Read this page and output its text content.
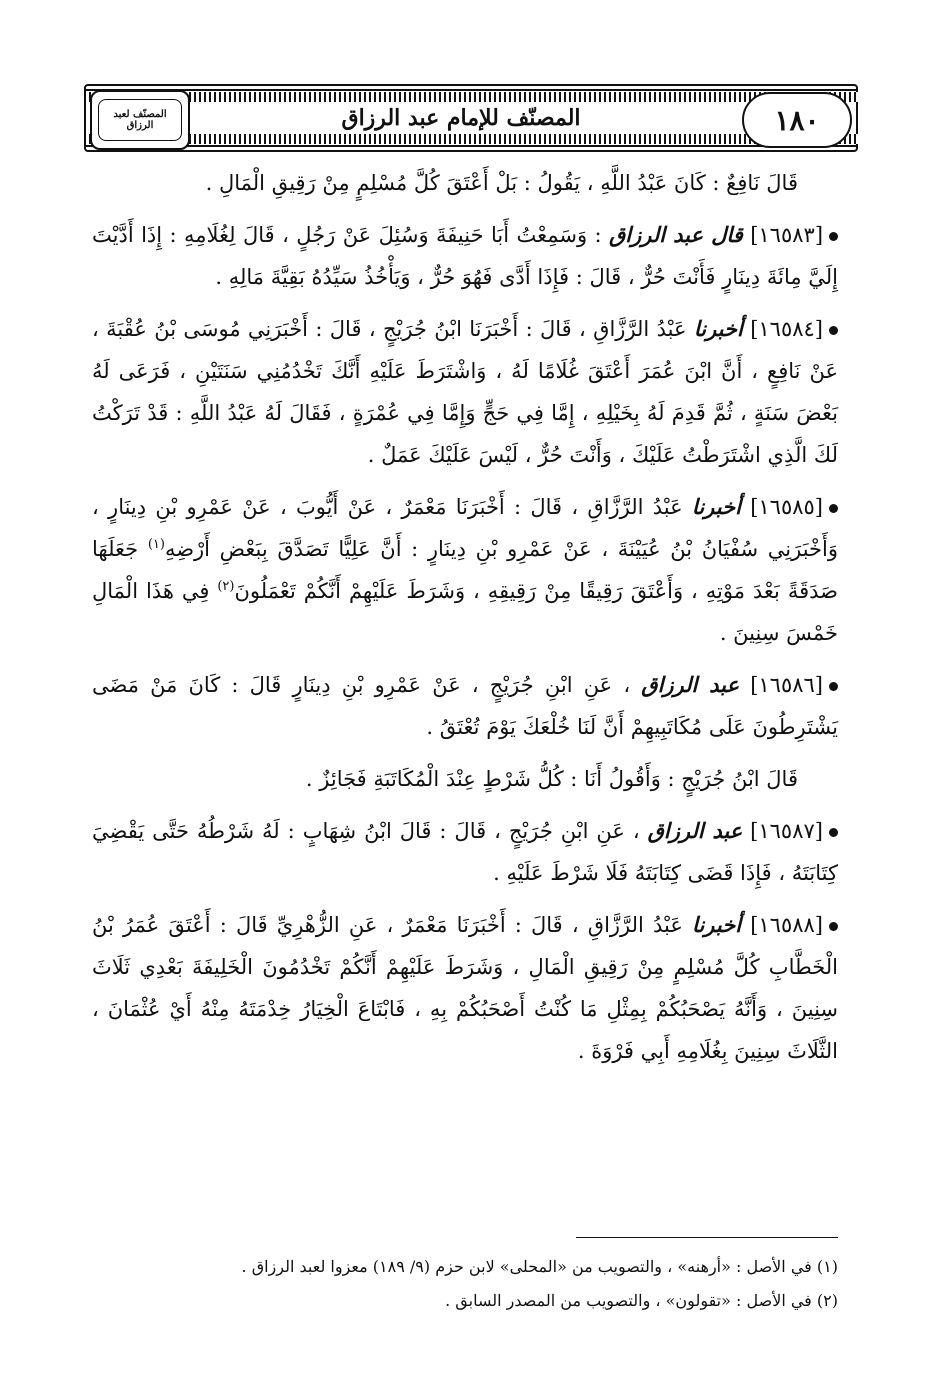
المصنّف للإمام عبد الرزاق	١٨٠
المصنّف لعبد الرزاق

قَالَ نَافِعٌ : كَانَ عَبْدُ اللَّهِ ، يَقُولُ : بَلْ أَعْتَقَ كُلَّ مُسْلِمٍ مِنْ رَقِيقِ الْمَالِ .

[١٦٥٨٣] قال عبد الرزاق : وَسَمِعْتُ أَبَا حَنِيفَةَ وَسُئِلَ عَنْ رَجُلٍ ، قَالَ لِغُلَامِهِ : إِذَا أَدَّيْتَ إِلَيَّ مِائَةَ دِينَارٍ فَأَنْتَ حُرٌّ ، قَالَ : فَإِذَا أَدَّى فَهُوَ حُرٌّ ، وَيَأْخُذُ سَيِّدُهُ بَقِيَّةَ مَالِهِ .

[١٦٥٨٤] أخبرنا عَبْدُ الرَّزَّاقِ ، قَالَ : أَخْبَرَنَا ابْنُ جُرَيْجٍ ، قَالَ : أَخْبَرَنِي مُوسَى بْنُ عُقْبَةَ ، عَنْ نَافِعٍ ، أَنَّ ابْنَ عُمَرَ أَعْتَقَ غُلَامًا لَهُ ، وَاشْتَرَطَ عَلَيْهِ أَنَّكَ تَخْدُمُنِي سَنَتَيْنِ ، فَرَعَى لَهُ بَعْضَ سَنَةٍ ، ثُمَّ قَدِمَ لَهُ بِخَيْلِهِ ، إِمَّا فِي حَجٍّ وَإِمَّا فِي عُمْرَةٍ ، فَقَالَ لَهُ عَبْدُ اللَّهِ : قَدْ تَرَكْتُ لَكَ الَّذِي اشْتَرَطْتُ عَلَيْكَ ، وَأَنْتَ حُرٌّ ، لَيْسَ عَلَيْكَ عَمَلٌ .

[١٦٥٨٥] أخبرنا عَبْدُ الرَّزَّاقِ ، قَالَ : أَخْبَرَنَا مَعْمَرٌ ، عَنْ أَيُّوبَ ، عَنْ عَمْرِو بْنِ دِينَارٍ ، وَأَخْبَرَنِي سُفْيَانُ بْنُ عُيَيْنَةَ ، عَنْ عَمْرِو بْنِ دِينَارٍ : أَنَّ عَلِيًّا تَصَدَّقَ بِبَعْضِ أَرْضِهِ$^{(١)}$ جَعَلَهَا صَدَقَةً بَعْدَ مَوْتِهِ ، وَأَعْتَقَ رَقِيقًا مِنْ رَقِيقِهِ ، وَشَرَطَ عَلَيْهِمْ أَنَّكُمْ تَعْمَلُونَ$^{(٢)}$ فِي هَذَا الْمَالِ خَمْسَ سِنِينَ .

[١٦٥٨٦] عبد الرزاق ، عَنِ ابْنِ جُرَيْجٍ ، عَنْ عَمْرِو بْنِ دِينَارٍ قَالَ : كَانَ مَنْ مَضَى يَشْتَرِطُونَ عَلَى مُكَاتَبِيهِمْ أَنَّ لَنَا خُلْعَكَ يَوْمَ تُعْتَقُ .

قَالَ ابْنُ جُرَيْجٍ : وَأَقُولُ أَنَا : كُلُّ شَرْطٍ عِنْدَ الْمُكَاتَبَةِ فَجَائِزٌ .

[١٦٥٨٧] عبد الرزاق ، عَنِ ابْنِ جُرَيْجٍ ، قَالَ : قَالَ ابْنُ شِهَابٍ : لَهُ شَرْطُهُ حَتَّى يَقْضِيَ كِتَابَتَهُ ، فَإِذَا قَضَى كِتَابَتَهُ فَلَا شَرْطَ عَلَيْهِ .

[١٦٥٨٨] أخبرنا عَبْدُ الرَّزَّاقِ ، قَالَ : أَخْبَرَنَا مَعْمَرٌ ، عَنِ الزُّهْرِيِّ قَالَ : أَعْتَقَ عُمَرُ بْنُ الْخَطَّابِ كُلَّ مُسْلِمٍ مِنْ رَقِيقِ الْمَالِ ، وَشَرَطَ عَلَيْهِمْ أَنَّكُمْ تَخْدُمُونَ الْخَلِيفَةَ بَعْدِي ثَلَاثَ سِنِينَ ، وَأَنَّهُ يَصْحَبُكُمْ بِمِثْلِ مَا كُنْتُ أَصْحَبُكُمْ بِهِ ، فَابْتَاعَ الْخِيَارُ خِدْمَتَهُ مِنْهُ أَيْ عُثْمَانَ ، الثَّلَاثَ سِنِينَ بِغُلَامِهِ أَبِي فَرْوَةَ .

(١) في الأصل : «أرهنه» ، والتصويب من «المحلى» لابن حزم (٩/ ١٨٩) معزوا لعبد الرزاق .
(٢) في الأصل : «تقولون» ، والتصويب من المصدر السابق .
